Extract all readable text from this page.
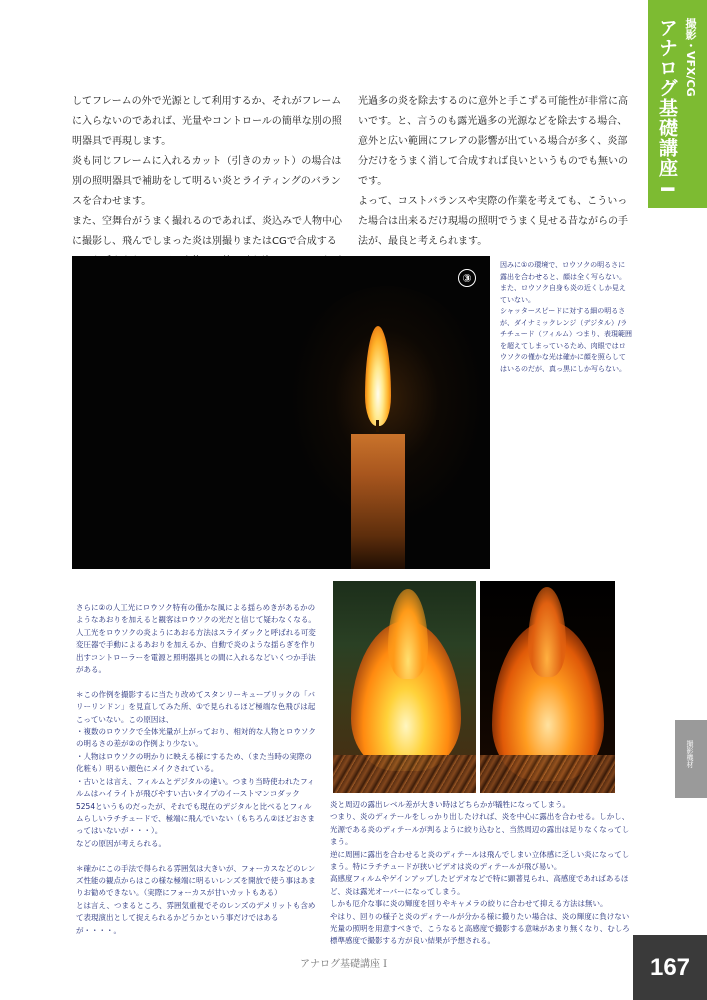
撮影・VFX/CG
アナログ基礎講座 I
撮影機材

してフレームの外で光源として利用するか、それがフレームに入らないのであれば、光量やコントロールの簡単な別の照明器具で再現します。

炎も同じフレームに入れるカット（引きのカット）の場合は別の照明器具で補助をして明るい炎とライティングのバランスを合わせます。

また、空舞台がうまく撮れるのであれば、炎込みで人物中心に撮影し、飛んでしまった炎は別撮りまたはCGで合成する

光過多の炎を除去するのに意外と手こずる可能性が非常に高いです。と、言うのも露光過多の光源などを除去する場合、意外と広い範囲にフレアの影響が出ている場合が多く、炎部分だけをうまく消して合成すれば良いというものでも無いのです。

よって、コストバランスや実際の作業を考えても、こういった場合は出来るだけ現場の照明でうまく見せる昔ながらの手法が、最良と考えられます。

③

因みに①の環境で、ロウソクの明るさに露出を合わせると、顔は全く写らない。また、ロウソク自身も炎の近くしか見えていない。

シャッタースピードに対する細の明るさが、ダイナミックレンジ（デジタル）/ラチチュード（フィルム）つまり、表現範囲を超えてしまっているため、肉眼ではロウソクの僅かな光は確かに顔を照らしてはいるのだが、真っ黒にしか写らない。

さらに②の人工光にロウソク特有の僅かな風による揺らめきがあるかのようなあおりを加えると観客はロウソクの光だと信じて疑わなくなる。人工光をロウソクの炎ようにあおる方法はスライダックと呼ばれる可変変圧器で手動によるあおりを加えるか、自動で炎のような揺らぎを作り出すコントローラーを電源と照明器具との間に入れるなどいくつか手法がある。

＊この作例を撮影するに当たり改めてスタンリーキューブリックの「バリーリンドン」を見直してみた所、①で見られるほど極端な色飛びは起こっていない。この原因は、

・複数のロウソクで全体光量が上がっており、相対的な人物とロウソクの明るさの差が②の作例より少ない。

・人物はロウソクの明かりに映える様にするため、（また当時の実際の化粧も）明るい顔色にメイクされている。

・古いとは言え、フィルムとデジタルの違い。つまり当時使われたフィルムはハイライトが飛びやすい古いタイプのイーストマンコダック5254というものだったが、それでも現在のデジタルと比べるとフィルムらしいラチチュードで、極端に飛んでいない（もちろん②ほどおさまってはいないが・・・）。

などの原因が考えられる。

＊確かにこの手法で得られる雰囲気は大きいが、フォーカスなどのレンズ性能の観点からはこの様な極端に明るいレンズを開放で使う事はあまりお勧めできない。（実際にフォーカスが甘いカットもある）

とは言え、つまるところ、雰囲気重視でそのレンズのデメリットも含めて表現演出として捉えられるかどうかという事だけではあるが・・・・。

炎と周辺の露出レベル差が大きい時はどちらかが犠牲になってしまう。

つまり、炎のディテールをしっかり出したければ、炎を中心に露出を合わせる。しかし、光源である炎のディテールが判るように絞り込むと、当然周辺の露出は足りなくなってしまう。

逆に周囲に露出を合わせると炎のディテールは飛んでしまい立体感に乏しい炎になってしまう。特にラチチュードが狭いビデオは炎のディテールが飛び易い。

高感度フィルムやゲインアップしたビデオなどで特に顕著見られ、高感度であればあるほど、炎は露光オーバーになってしまう。

しかも厄介な事に炎の輝度を回りやキャメラの絞りに合わせて抑える方法は無い。

やはり、回りの様子と炎のディテールが分かる様に撮りたい場合は、炎の輝度に負けない光量の照明を用意すべきで、こうなると高感度で撮影する意味があまり無くなり、むしろ標準感度で撮影する方が良い結果が予想される。

アナログ基礎講座 I	167
